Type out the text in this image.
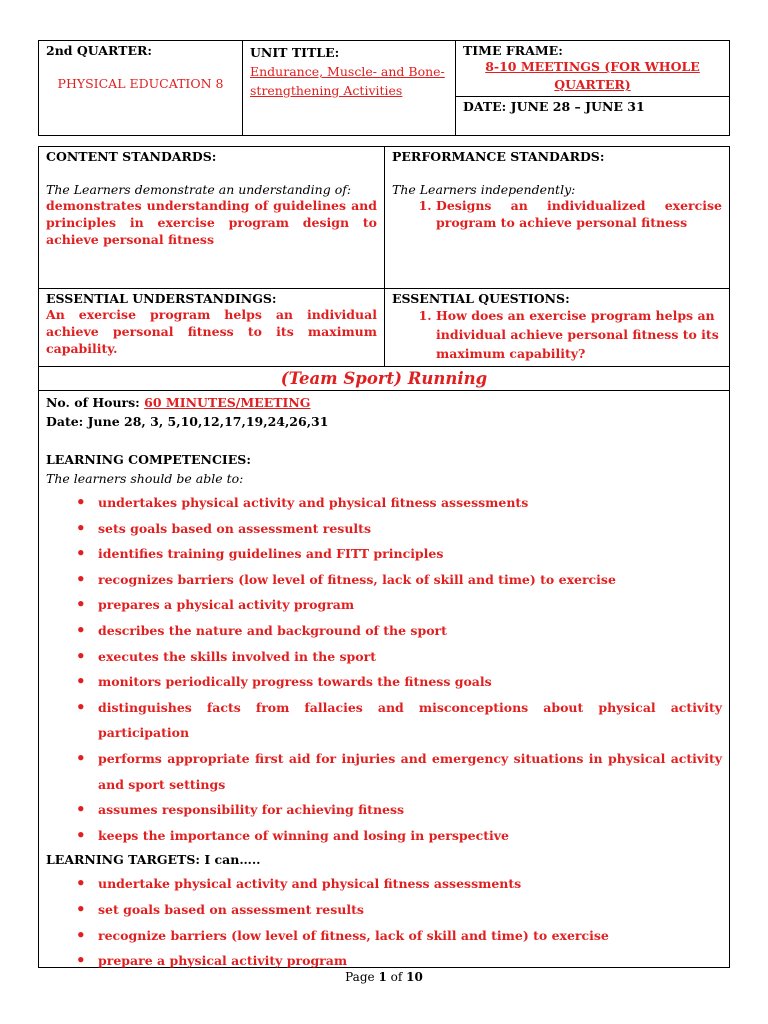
2nd QUARTER:
PHYSICAL EDUCATION 8
UNIT TITLE:
Endurance, Muscle- and Bone-strengthening Activities
TIME FRAME:
8-10 MEETINGS (FOR WHOLE QUARTER)
DATE: JUNE 28 – JUNE 31
CONTENT STANDARDS:
The Learners demonstrate an understanding of:
demonstrates understanding of guidelines and principles in exercise program design to achieve personal fitness
PERFORMANCE STANDARDS:
The Learners independently:
1. Designs an individualized exercise program to achieve personal fitness
ESSENTIAL UNDERSTANDINGS:
An exercise program helps an individual achieve personal fitness to its maximum capability.
ESSENTIAL QUESTIONS:
1. How does an exercise program helps an individual achieve personal fitness to its maximum capability?
(Team Sport) Running
No. of Hours: 60 MINUTES/MEETING
Date: June 28, 3, 5,10,12,17,19,24,26,31
LEARNING COMPETENCIES:
The learners should be able to:
• undertakes physical activity and physical fitness assessments
• sets goals based on assessment results
• identifies training guidelines and FITT principles
• recognizes barriers (low level of fitness, lack of skill and time) to exercise
• prepares a physical activity program
• describes the nature and background of the sport
• executes the skills involved in the sport
• monitors periodically progress towards the fitness goals
• distinguishes facts from fallacies and misconceptions about physical activity participation
• performs appropriate first aid for injuries and emergency situations in physical activity and sport settings
• assumes responsibility for achieving fitness
• keeps the importance of winning and losing in perspective
LEARNING TARGETS: I can…..
• undertake physical activity and physical fitness assessments
• set goals based on assessment results
• recognize barriers (low level of fitness, lack of skill and time) to exercise
• prepare a physical activity program
Page 1 of 10
